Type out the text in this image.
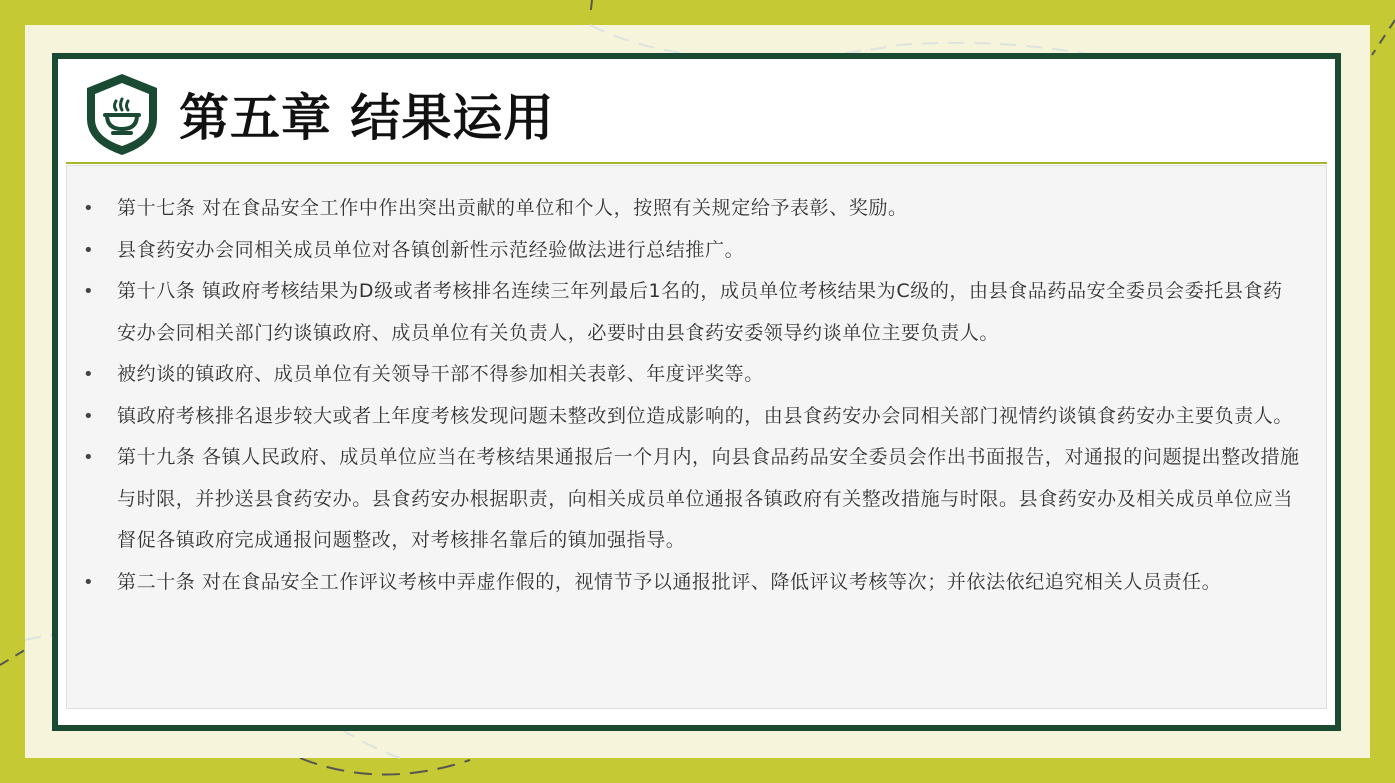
第五章 结果运用
• 第十七条 对在食品安全工作中作出突出贡献的单位和个人，按照有关规定给予表彰、奖励。
• 县食药安办会同相关成员单位对各镇创新性示范经验做法进行总结推广。
• 第十八条 镇政府考核结果为D级或者考核排名连续三年列最后1名的，成员单位考核结果为C级的，由县食品药品安全委员会委托县食药安办会同相关部门约谈镇政府、成员单位有关负责人，必要时由县食药安委领导约谈单位主要负责人。
• 被约谈的镇政府、成员单位有关领导干部不得参加相关表彰、年度评奖等。
• 镇政府考核排名退步较大或者上年度考核发现问题未整改到位造成影响的，由县食药安办会同相关部门视情约谈镇食药安办主要负责人。
• 第十九条 各镇人民政府、成员单位应当在考核结果通报后一个月内，向县食品药品安全委员会作出书面报告，对通报的问题提出整改措施与时限，并抄送县食药安办。县食药安办根据职责，向相关成员单位通报各镇政府有关整改措施与时限。县食药安办及相关成员单位应当督促各镇政府完成通报问题整改，对考核排名靠后的镇加强指导。
• 第二十条 对在食品安全工作评议考核中弄虚作假的，视情节予以通报批评、降低评议考核等次；并依法依纪追究相关人员责任。
